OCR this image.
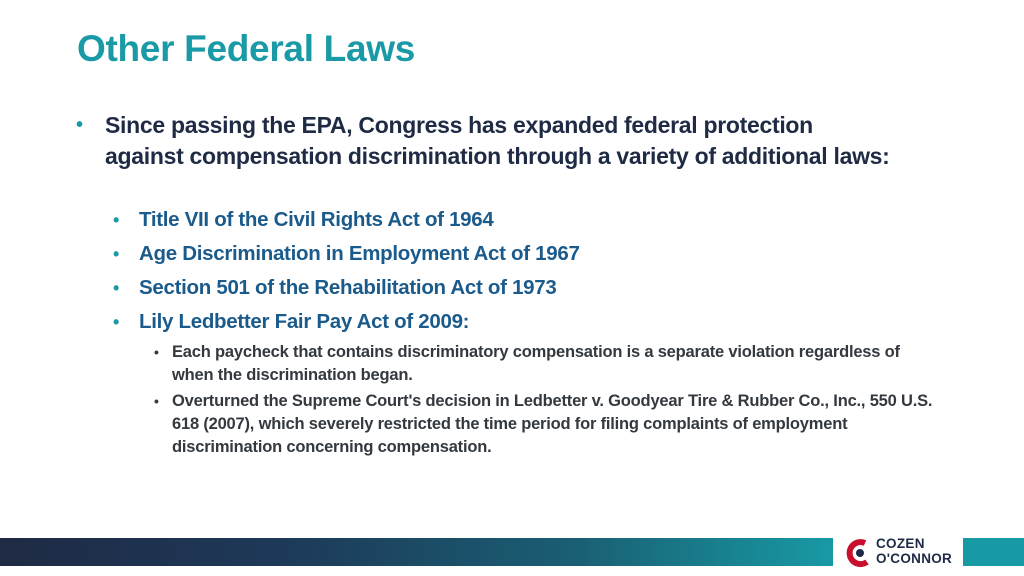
Other Federal Laws
• Since passing the EPA, Congress has expanded federal protection against compensation discrimination through a variety of additional laws:
• Title VII of the Civil Rights Act of 1964
• Age Discrimination in Employment Act of 1967
• Section 501 of the Rehabilitation Act of 1973
• Lily Ledbetter Fair Pay Act of 2009:
• Each paycheck that contains discriminatory compensation is a separate violation regardless of when the discrimination began.
• Overturned the Supreme Court's decision in Ledbetter v. Goodyear Tire & Rubber Co., Inc., 550 U.S. 618 (2007), which severely restricted the time period for filing complaints of employment discrimination concerning compensation.
COZEN
O'CONNOR
